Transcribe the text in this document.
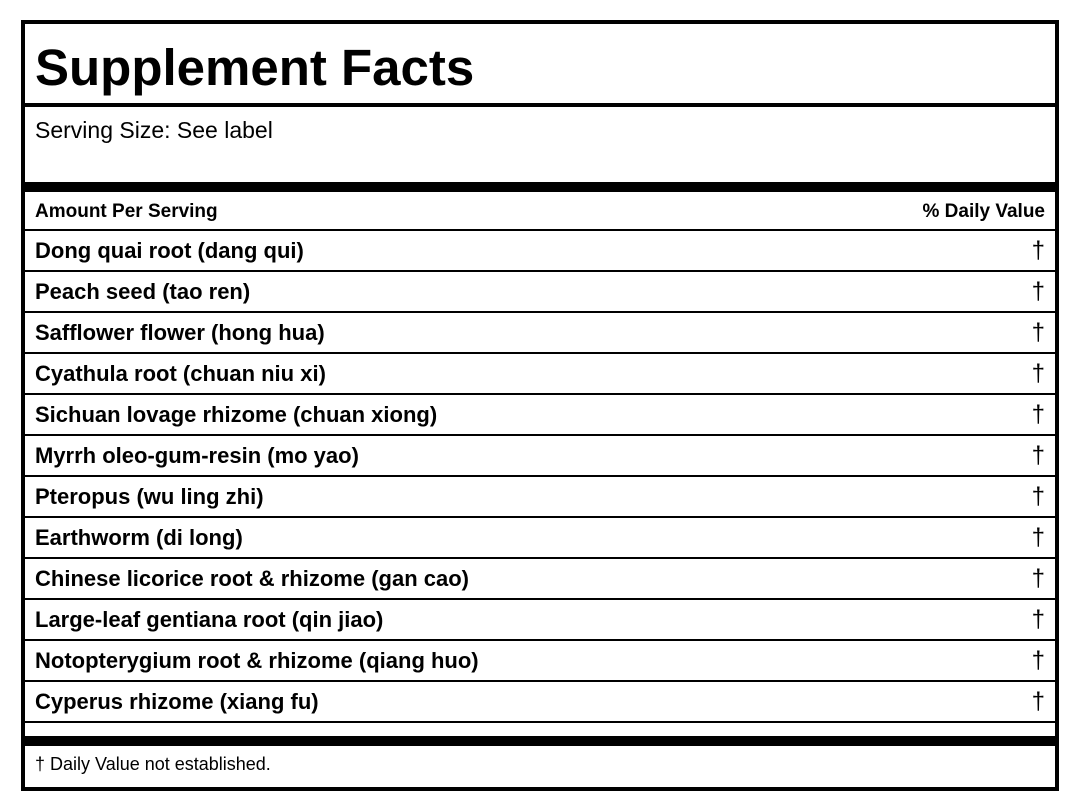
Supplement Facts
Serving Size: See label
Amount Per Serving	% Daily Value
Dong quai root (dang qui)	†
Peach seed (tao ren)	†
Safflower flower (hong hua)	†
Cyathula root (chuan niu xi)	†
Sichuan lovage rhizome (chuan xiong)	†
Myrrh oleo-gum-resin (mo yao)	†
Pteropus (wu ling zhi)	†
Earthworm (di long)	†
Chinese licorice root & rhizome (gan cao)	†
Large-leaf gentiana root (qin jiao)	†
Notopterygium root & rhizome (qiang huo)	†
Cyperus rhizome (xiang fu)	†
† Daily Value not established.
